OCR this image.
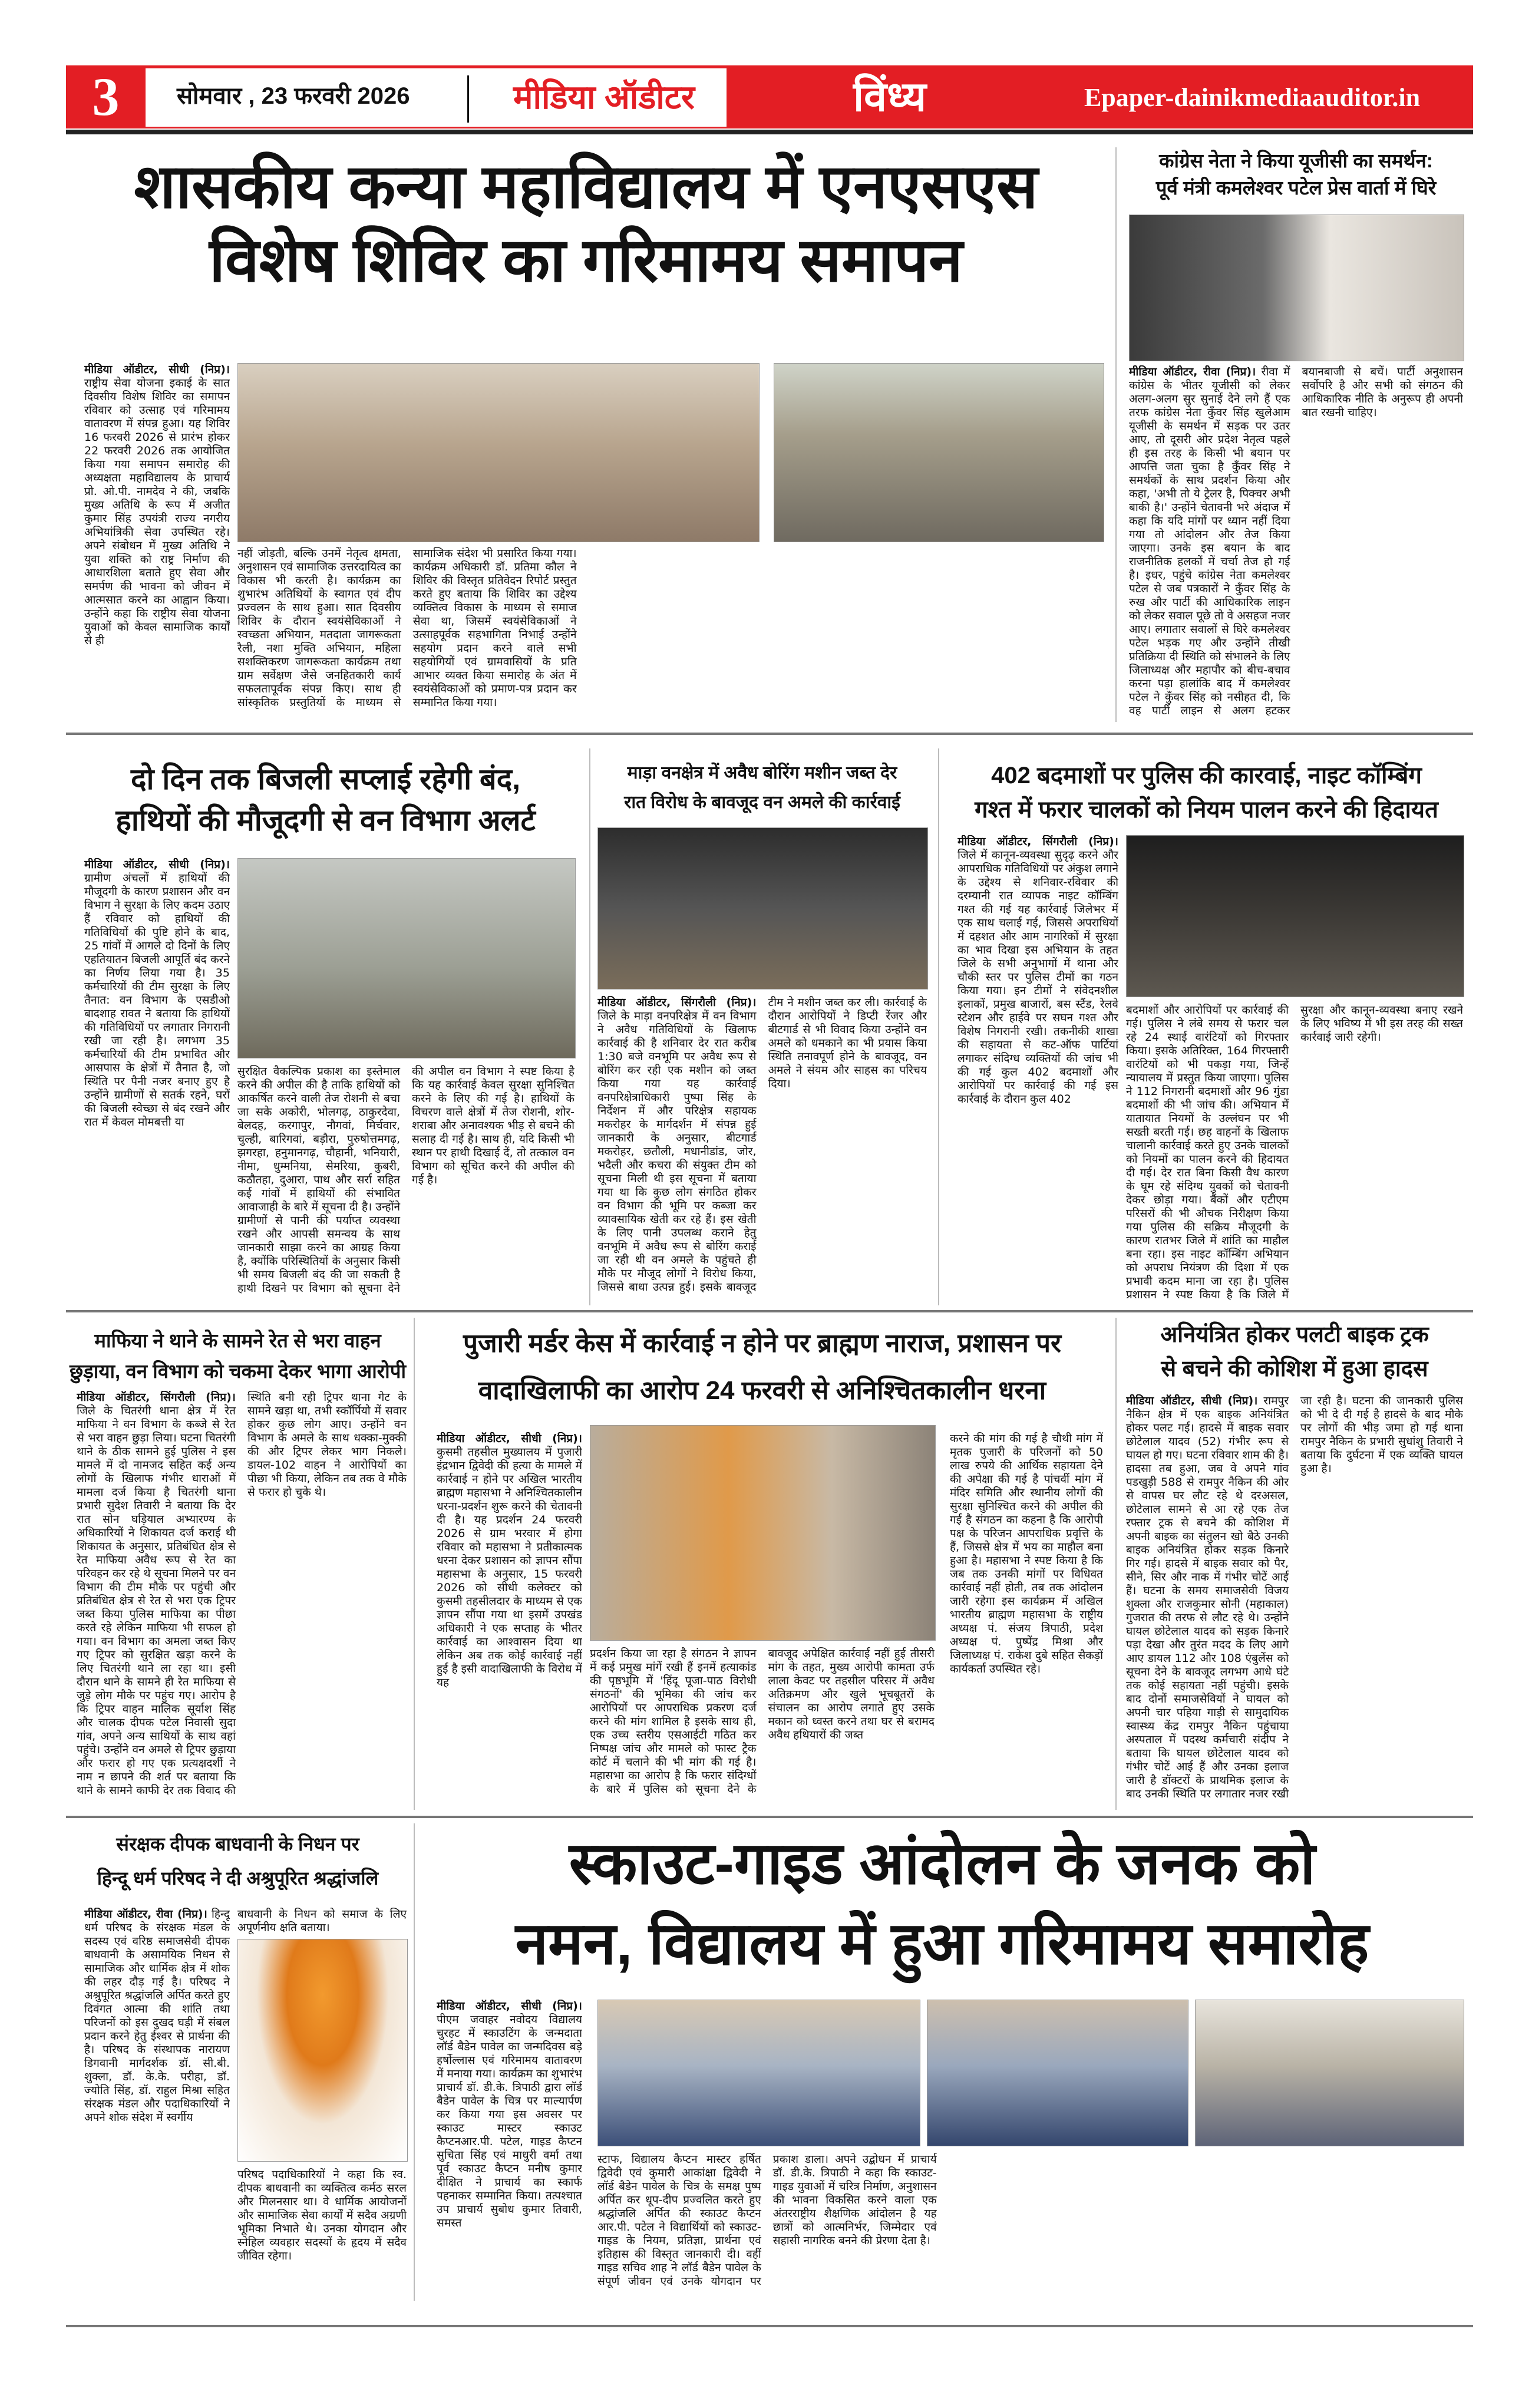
3	सोमवार , 23 फरवरी 2026	मीडिया ऑडीटर	विंध्य	Epaper-dainikmediaauditor.in
शासकीय कन्या महाविद्यालय में एनएसएस
विशेष शिविर का गरिमामय समापन
मीडिया ऑडीटर, सीधी (निप्र)। राष्ट्रीय सेवा योजना इकाई के सात दिवसीय विशेष शिविर का समापन रविवार को उत्साह एवं गरिमामय वातावरण में संपन्न हुआ। यह शिविर 16 फरवरी 2026 से प्रारंभ होकर 22 फरवरी 2026 तक आयोजित किया गया समापन समारोह की अध्यक्षता महाविद्यालय के प्राचार्य प्रो. ओ.पी. नामदेव ने की, जबकि मुख्य अतिथि के रूप में अजीत कुमार सिंह उपयंत्री राज्य नगरीय अभियांत्रिकी सेवा उपस्थित रहे। अपने संबोधन में मुख्य अतिथि ने युवा शक्ति को राष्ट्र निर्माण की आधारशिला बताते हुए सेवा और समर्पण की भावना को जीवन में आत्मसात करने का आह्वान किया। उन्होंने कहा कि राष्ट्रीय सेवा योजना युवाओं को केवल सामाजिक कार्यों से ही
नहीं जोड़ती, बल्कि उनमें नेतृत्व क्षमता, अनुशासन एवं सामाजिक उत्तरदायित्व का विकास भी करती है। कार्यक्रम का शुभारंभ अतिथियों के स्वागत एवं दीप प्रज्वलन के साथ हुआ। सात दिवसीय शिविर के दौरान स्वयंसेविकाओं ने स्वच्छता अभियान, मतदाता जागरूकता रैली, नशा मुक्ति अभियान, महिला सशक्तिकरण जागरूकता कार्यक्रम तथा ग्राम सर्वेक्षण जैसे जनहितकारी कार्य सफलतापूर्वक संपन्न किए। साथ ही सांस्कृतिक प्रस्तुतियों के माध्यम से सामाजिक संदेश भी प्रसारित किया गया। कार्यक्रम अधिकारी डॉ. प्रतिमा कौल ने शिविर की विस्तृत प्रतिवेदन रिपोर्ट प्रस्तुत करते हुए बताया कि शिविर का उद्देश्य व्यक्तित्व विकास के माध्यम से समाज सेवा था, जिसमें स्वयंसेविकाओं ने उत्साहपूर्वक सहभागिता निभाई उन्होंने सहयोग प्रदान करने वाले सभी सहयोगियों एवं ग्रामवासियों के प्रति आभार व्यक्त किया समारोह के अंत में स्वयंसेविकाओं को प्रमाण-पत्र प्रदान कर सम्मानित किया गया।
कांग्रेस नेता ने किया यूजीसी का समर्थन:
पूर्व मंत्री कमलेश्वर पटेल प्रेस वार्ता में घिरे
मीडिया ऑडीटर, रीवा (निप्र)। रीवा में कांग्रेस के भीतर यूजीसी को लेकर अलग-अलग सुर सुनाई देने लगे हैं एक तरफ कांग्रेस नेता कुँवर सिंह खुलेआम यूजीसी के समर्थन में सड़क पर उतर आए, तो दूसरी ओर प्रदेश नेतृत्व पहले ही इस तरह के किसी भी बयान पर आपत्ति जता चुका है कुँवर सिंह ने समर्थकों के साथ प्रदर्शन किया और कहा, 'अभी तो ये ट्रेलर है, पिक्चर अभी बाकी है।' उन्होंने चेतावनी भरे अंदाज में कहा कि यदि मांगों पर ध्यान नहीं दिया गया तो आंदोलन और तेज किया जाएगा। उनके इस बयान के बाद राजनीतिक हलकों में चर्चा तेज हो गई है। इधर, पहुंचे कांग्रेस नेता कमलेश्वर पटेल से जब पत्रकारों ने कुँवर सिंह के रुख और पार्टी की आधिकारिक लाइन को लेकर सवाल पूछे तो वे असहज नजर आए। लगातार सवालों से घिरे कमलेश्वर पटेल भड़क गए और उन्होंने तीखी प्रतिक्रिया दी स्थिति को संभालने के लिए जिलाध्यक्ष और महापौर को बीच-बचाव करना पड़ा हालांकि बाद में कमलेश्वर पटेल ने कुँवर सिंह को नसीहत दी, कि वह पार्टी लाइन से अलग हटकर बयानबाजी से बचें। पार्टी अनुशासन सर्वोपरि है और सभी को संगठन की आधिकारिक नीति के अनुरूप ही अपनी बात रखनी चाहिए।
दो दिन तक बिजली सप्लाई रहेगी बंद,
हाथियों की मौजूदगी से वन विभाग अलर्ट
मीडिया ऑडीटर, सीधी (निप्र)। ग्रामीण अंचलों में हाथियों की मौजूदगी के कारण प्रशासन और वन विभाग ने सुरक्षा के लिए कदम उठाए हैं रविवार को हाथियों की गतिविधियों की पुष्टि होने के बाद, 25 गांवों में आगले दो दिनों के लिए एहतियातन बिजली आपूर्ति बंद करने का निर्णय लिया गया है। 35 कर्मचारियों की टीम सुरक्षा के लिए तैनात: वन विभाग के एसडीओ बादशाह रावत ने बताया कि हाथियों की गतिविधियों पर लगातार निगरानी रखी जा रही है। लगभग 35 कर्मचारियों की टीम प्रभावित और आसपास के क्षेत्रों में तैनात है, जो स्थिति पर पैनी नजर बनाए हुए है उन्होंने ग्रामीणों से सतर्क रहने, घरों की बिजली स्वेच्छा से बंद रखने और रात में केवल मोमबत्ती या
सुरक्षित वैकल्पिक प्रकाश का इस्तेमाल करने की अपील की है ताकि हाथियों को आकर्षित करने वाली तेज रोशनी से बचा जा सके अकोरी, भोलगढ़, ठाकुरदेवा, बेलदह, करगापुर, नौगवां, मिर्चवार, चुल्ही, बारिगवां, बड़ौरा, पुरुषोत्तमगढ़, झगरहा, हनुमानगढ़, चौहानी, भनियारी, नीमा, धुम्मनिया, सेमरिया, कुबरी, कठौतहा, दुआरा, पाथ और सर्रा सहित कई गांवों में हाथियों की संभावित आवाजाही के बारे में सूचना दी है। उन्होंने ग्रामीणों से पानी की पर्याप्त व्यवस्था रखने और आपसी समन्वय के साथ जानकारी साझा करने का आग्रह किया है, क्योंकि परिस्थितियों के अनुसार किसी भी समय बिजली बंद की जा सकती है हाथी दिखने पर विभाग को सूचना देने की अपील वन विभाग ने स्पष्ट किया है कि यह कार्रवाई केवल सुरक्षा सुनिश्चित करने के लिए की गई है। हाथियों के विचरण वाले क्षेत्रों में तेज रोशनी, शोर-शराबा और अनावश्यक भीड़ से बचने की सलाह दी गई है। साथ ही, यदि किसी भी स्थान पर हाथी दिखाई दें, तो तत्काल वन विभाग को सूचित करने की अपील की गई है।
माड़ा वनक्षेत्र में अवैध बोरिंग मशीन जब्त देर
रात विरोध के बावजूद वन अमले की कार्रवाई
मीडिया ऑडीटर, सिंगरौली (निप्र)। जिले के माड़ा वनपरिक्षेत्र में वन विभाग ने अवैध गतिविधियों के खिलाफ कार्रवाई की है शनिवार देर रात करीब 1:30 बजे वनभूमि पर अवैध रूप से बोरिंग कर रही एक मशीन को जब्त किया गया यह कार्रवाई वनपरिक्षेत्राधिकारी पुष्पा सिंह के निर्देशन में और परिक्षेत्र सहायक मकरोहर के मार्गदर्शन में संपन्न हुई जानकारी के अनुसार, बीटगार्ड मकरोहर, छतौली, मधानीडांड, जोर, भदैली और कचरा की संयुक्त टीम को सूचना मिली थी इस सूचना में बताया गया था कि कुछ लोग संगठित होकर वन विभाग की भूमि पर कब्जा कर व्यावसायिक खेती कर रहे हैं। इस खेती के लिए पानी उपलब्ध कराने हेतु वनभूमि में अवैध रूप से बोरिंग कराई जा रही थी वन अमले के पहुंचते ही मौके पर मौजूद लोगों ने विरोध किया, जिससे बाधा उत्पन्न हुई। इसके बावजूद टीम ने मशीन जब्त कर ली। कार्रवाई के दौरान आरोपियों ने डिप्टी रेंजर और बीटगार्ड से भी विवाद किया उन्होंने वन अमले को धमकाने का भी प्रयास किया स्थिति तनावपूर्ण होने के बावजूद, वन अमले ने संयम और साहस का परिचय दिया।
402 बदमाशों पर पुलिस की कारवाई, नाइट कॉम्बिंग
गश्त में फरार चालकों को नियम पालन करने की हिदायत
मीडिया ऑडीटर, सिंगरौली (निप्र)। जिले में कानून-व्यवस्था सुदृढ़ करने और आपराधिक गतिविधियों पर अंकुश लगाने के उद्देश्य से शनिवार-रविवार की दरम्यानी रात व्यापक नाइट कॉम्बिंग गश्त की गई यह कार्रवाई जिलेभर में एक साथ चलाई गई, जिससे अपराधियों में दहशत और आम नागरिकों में सुरक्षा का भाव दिखा इस अभियान के तहत जिले के सभी अनुभागों में थाना और चौकी स्तर पर पुलिस टीमों का गठन किया गया। इन टीमों ने संवेदनशील इलाकों, प्रमुख बाजारों, बस स्टैंड, रेलवे स्टेशन और हाईवे पर सघन गश्त और विशेष निगरानी रखी। तकनीकी शाखा की सहायता से कट-ऑफ पार्टियां लगाकर संदिग्ध व्यक्तियों की जांच भी की गई कुल 402 बदमाशों और आरोपियों पर कार्रवाई की गई इस कार्रवाई के दौरान कुल 402
बदमाशों और आरोपियों पर कार्रवाई की गई। पुलिस ने लंबे समय से फरार चल रहे 24 स्थाई वारंटियों को गिरफ्तार किया। इसके अतिरिक्त, 164 गिरफ्तारी वारंटियों को भी पकड़ा गया, जिन्हें न्यायालय में प्रस्तुत किया जाएगा। पुलिस ने 112 निगरानी बदमाशों और 96 गुंडा बदमाशों की भी जांच की। अभियान में यातायात नियमों के उल्लंघन पर भी सख्ती बरती गई। छह वाहनों के खिलाफ चालानी कार्रवाई करते हुए उनके चालकों को नियमों का पालन करने की हिदायत दी गई। देर रात बिना किसी वैध कारण के घूम रहे संदिग्ध युवकों को चेतावनी देकर छोड़ा गया। बैंकों और एटीएम परिसरों की भी औचक निरीक्षण किया गया पुलिस की सक्रिय मौजूदगी के कारण रातभर जिले में शांति का माहौल बना रहा। इस नाइट कॉम्बिंग अभियान को अपराध नियंत्रण की दिशा में एक प्रभावी कदम माना जा रहा है। पुलिस प्रशासन ने स्पष्ट किया है कि जिले में सुरक्षा और कानून-व्यवस्था बनाए रखने के लिए भविष्य में भी इस तरह की सख्त कार्रवाई जारी रहेगी।
माफिया ने थाने के सामने रेत से भरा वाहन
छुड़ाया, वन विभाग को चकमा देकर भागा आरोपी
मीडिया ऑडीटर, सिंगरौली (निप्र)। जिले के चितरंगी थाना क्षेत्र में रेत माफिया ने वन विभाग के कब्जे से रेत से भरा वाहन छुड़ा लिया। घटना चितरंगी थाने के ठीक सामने हुई पुलिस ने इस मामले में दो नामजद सहित कई अन्य लोगों के खिलाफ गंभीर धाराओं में मामला दर्ज किया है चितरंगी थाना प्रभारी सुदेश तिवारी ने बताया कि देर रात सोन घड़ियाल अभ्यारण्य के अधिकारियों ने शिकायत दर्ज कराई थी शिकायत के अनुसार, प्रतिबंधित क्षेत्र से रेत माफिया अवैध रूप से रेत का परिवहन कर रहे थे सूचना मिलने पर वन विभाग की टीम मौके पर पहुंची और प्रतिबंधित क्षेत्र से रेत से भरा एक ट्रिपर जब्त किया पुलिस माफिया का पीछा करते रहे लेकिन माफिया भी सफल हो गया। वन विभाग का अमला जब्त किए गए ट्रिपर को सुरक्षित खड़ा करने के लिए चितरंगी थाने ला रहा था। इसी दौरान थाने के सामने ही रेत माफिया से जुड़े लोग मौके पर पहुंच गए। आरोप है कि ट्रिपर वाहन मालिक सूर्याश सिंह और चालक दीपक पटेल निवासी सुदा गांव, अपने अन्य साथियों के साथ वहां पहुंचे। उन्होंने वन अमले से ट्रिपर छुड़ाया और फरार हो गए एक प्रत्यक्षदर्शी ने नाम न छापने की शर्त पर बताया कि थाने के सामने काफी देर तक विवाद की स्थिति बनी रही ट्रिपर थाना गेट के सामने खड़ा था, तभी स्कॉर्पियो में सवार होकर कुछ लोग आए। उन्होंने वन विभाग के अमले के साथ धक्का-मुक्की की और ट्रिपर लेकर भाग निकले। डायल-102 वाहन ने आरोपियों का पीछा भी किया, लेकिन तब तक वे मौके से फरार हो चुके थे।
पुजारी मर्डर केस में कार्रवाई न होने पर ब्राह्मण नाराज, प्रशासन पर
वादाखिलाफी का आरोप 24 फरवरी से अनिश्चितकालीन धरना
मीडिया ऑडीटर, सीधी (निप्र)। कुसमी तहसील मुख्यालय में पुजारी इंद्रभान द्विवेदी की हत्या के मामले में कार्रवाई न होने पर अखिल भारतीय ब्राह्मण महासभा ने अनिश्चितकालीन धरना-प्रदर्शन शुरू करने की चेतावनी दी है। यह प्रदर्शन 24 फरवरी 2026 से ग्राम भरवार में होगा रविवार को महासभा ने प्रतीकात्मक धरना देकर प्रशासन को ज्ञापन सौंपा महासभा के अनुसार, 15 फरवरी 2026 को सीधी कलेक्टर को कुसमी तहसीलदार के माध्यम से एक ज्ञापन सौंपा गया था इसमें उपखंड अधिकारी ने एक सप्ताह के भीतर कार्रवाई का आश्वासन दिया था लेकिन अब तक कोई कार्रवाई नहीं हुई है इसी वादाखिलाफी के विरोध में यह
प्रदर्शन किया जा रहा है संगठन ने ज्ञापन में कई प्रमुख मांगें रखी हैं इनमें हत्याकांड की पृष्ठभूमि में 'हिंदू पूजा-पाठ विरोधी संगठनों' की भूमिका की जांच कर आरोपियों पर आपराधिक प्रकरण दर्ज करने की मांग शामिल है इसके साथ ही, एक उच्च स्तरीय एसआईटी गठित कर निष्पक्ष जांच और मामले को फास्ट ट्रैक कोर्ट में चलाने की भी मांग की गई है। महासभा का आरोप है कि फरार संदिग्धों के बारे में पुलिस को सूचना देने के बावजूद अपेक्षित कार्रवाई नहीं हुई तीसरी मांग के तहत, मुख्य आरोपी कामता उर्फ लाला केवट पर तहसील परिसर में अवैध अतिक्रमण और खुले भूचबूतरों के संचालन का आरोप लगाते हुए उसके मकान को ध्वस्त करने तथा घर से बरामद अवैध हथियारों की जब्त
करने की मांग की गई है चौथी मांग में मृतक पुजारी के परिजनों को 50 लाख रुपये की आर्थिक सहायता देने की अपेक्षा की गई है पांचवीं मांग में मंदिर समिति और स्थानीय लोगों की सुरक्षा सुनिश्चित करने की अपील की गई है संगठन का कहना है कि आरोपी पक्ष के परिजन आपराधिक प्रवृत्ति के हैं, जिससे क्षेत्र में भय का माहौल बना हुआ है। महासभा ने स्पष्ट किया है कि जब तक उनकी मांगों पर विधिवत कार्रवाई नहीं होती, तब तक आंदोलन जारी रहेगा इस कार्यक्रम में अखिल भारतीय ब्राह्मण महासभा के राष्ट्रीय अध्यक्ष पं. संजय त्रिपाठी, प्रदेश अध्यक्ष पं. पुष्पेंद्र मिश्रा और जिलाध्यक्ष पं. राकेश दुबे सहित सैकड़ों कार्यकर्ता उपस्थित रहे।
अनियंत्रित होकर पलटी बाइक ट्रक
से बचने की कोशिश में हुआ हादस
मीडिया ऑडीटर, सीधी (निप्र)। रामपुर नैकिन क्षेत्र में एक बाइक अनियंत्रित होकर पलट गई। हादसे में बाइक सवार छोटेलाल यादव (52) गंभीर रूप से घायल हो गए। घटना रविवार शाम की है। हादसा तब हुआ, जब वे अपने गांव पडखुड़ी 588 से रामपुर नैकिन की ओर से वापस घर लौट रहे थे दरअसल, छोटेलाल सामने से आ रहे एक तेज रफ्तार ट्रक से बचने की कोशिश में अपनी बाइक का संतुलन खो बैठे उनकी बाइक अनियंत्रित होकर सड़क किनारे गिर गई। हादसे में बाइक सवार को पैर, सीने, सिर और नाक में गंभीर चोटें आई हैं। घटना के समय समाजसेवी विजय शुक्ला और राजकुमार सोनी (महाकाल) गुजरात की तरफ से लौट रहे थे। उन्होंने घायल छोटेलाल यादव को सड़क किनारे पड़ा देखा और तुरंत मदद के लिए आगे आए डायल 112 और 108 एंबुलेंस को सूचना देने के बावजूद लगभग आधे घंटे तक कोई सहायता नहीं पहुंची। इसके बाद दोनों समाजसेवियों ने घायल को अपनी चार पहिया गाड़ी से सामुदायिक स्वास्थ्य केंद्र रामपुर नैकिन पहुंचाया अस्पताल में पदस्थ कर्मचारी संदीप ने बताया कि घायल छोटेलाल यादव को गंभीर चोटें आई हैं और उनका इलाज जारी है डॉक्टरों के प्राथमिक इलाज के बाद उनकी स्थिति पर लगातार नजर रखी जा रही है। घटना की जानकारी पुलिस को भी दे दी गई है हादसे के बाद मौके पर लोगों की भीड़ जमा हो गई थाना रामपुर नैकिन के प्रभारी सुधांशु तिवारी ने बताया कि दुर्घटना में एक व्यक्ति घायल हुआ है।
संरक्षक दीपक बाधवानी के निधन पर
हिन्दू धर्म परिषद ने दी अश्रुपूरित श्रद्धांजलि
मीडिया ऑडीटर, रीवा (निप्र)। हिन्दू धर्म परिषद के संरक्षक मंडल के सदस्य एवं वरिष्ठ समाजसेवी दीपक बाधवानी के असामयिक निधन से सामाजिक और धार्मिक क्षेत्र में शोक की लहर दौड़ गई है। परिषद ने अश्रुपूरित श्रद्धांजलि अर्पित करते हुए दिवंगत आत्मा की शांति तथा परिजनों को इस दुखद घड़ी में संबल प्रदान करने हेतु ईश्वर से प्रार्थना की है। परिषद के संस्थापक नारायण डिगवानी मार्गदर्शक डॉ. सी.बी. शुक्ला, डॉ. के.के. परीहा, डॉ. ज्योति सिंह, डॉ. राहुल मिश्रा सहित संरक्षक मंडल और पदाधिकारियों ने अपने शोक संदेश में स्वर्गीय
बाधवानी के निधन को समाज के लिए अपूर्णनीय क्षति बताया।
परिषद पदाधिकारियों ने कहा कि स्व. दीपक बाधवानी का व्यक्तित्व कर्मठ सरल और मिलनसार था। वे धार्मिक आयोजनों और सामाजिक सेवा कार्यों में सदैव अग्रणी भूमिका निभाते थे। उनका योगदान और स्नेहिल व्यवहार सदस्यों के हृदय में सदैव जीवित रहेगा।
स्काउट-गाइड आंदोलन के जनक को
नमन, विद्यालय में हुआ गरिमामय समारोह
मीडिया ऑडीटर, सीधी (निप्र)। पीएम जवाहर नवोदय विद्यालय चुरहट में स्काउटिंग के जन्मदाता लॉर्ड बैडेन पावेल का जन्मदिवस बड़े हर्षोल्लास एवं गरिमामय वातावरण में मनाया गया। कार्यक्रम का शुभारंभ प्राचार्य डॉ. डी.के. त्रिपाठी द्वारा लॉर्ड बैडेन पावेल के चित्र पर माल्यार्पण कर किया गया इस अवसर पर स्काउट मास्टर स्काउट कैप्टनआर.पी. पटेल, गाइड कैप्टन सुचिता सिंह एवं माधुरी वर्मा तथा पूर्व स्काउट कैप्टन मनीष कुमार दीक्षित ने प्राचार्य का स्कार्फ पहनाकर सम्मानित किया। तत्पश्चात उप प्राचार्य सुबोध कुमार तिवारी, समस्त
स्टाफ, विद्यालय कैप्टन मास्टर हर्षित द्विवेदी एवं कुमारी आकांक्षा द्विवेदी ने लॉर्ड बैडेन पावेल के चित्र के समक्ष पुष्प अर्पित कर धूप-दीप प्रज्वलित करते हुए श्रद्धांजलि अर्पित की स्काउट कैप्टन आर.पी. पटेल ने विद्यार्थियों को स्काउट-गाइड के नियम, प्रतिज्ञा, प्रार्थना एवं इतिहास की विस्तृत जानकारी दी। वहीं गाइड सचिव शाह ने लॉर्ड बैडेन पावेल के संपूर्ण जीवन एवं उनके योगदान पर प्रकाश डाला। अपने उद्बोधन में प्राचार्य डॉ. डी.के. त्रिपाठी ने कहा कि स्काउट-गाइड युवाओं में चरित्र निर्माण, अनुशासन की भावना विकसित करने वाला एक अंतरराष्ट्रीय शैक्षणिक आंदोलन है यह छात्रों को आत्मनिर्भर, जिम्मेदार एवं सहासी नागरिक बनने की प्रेरणा देता है।
